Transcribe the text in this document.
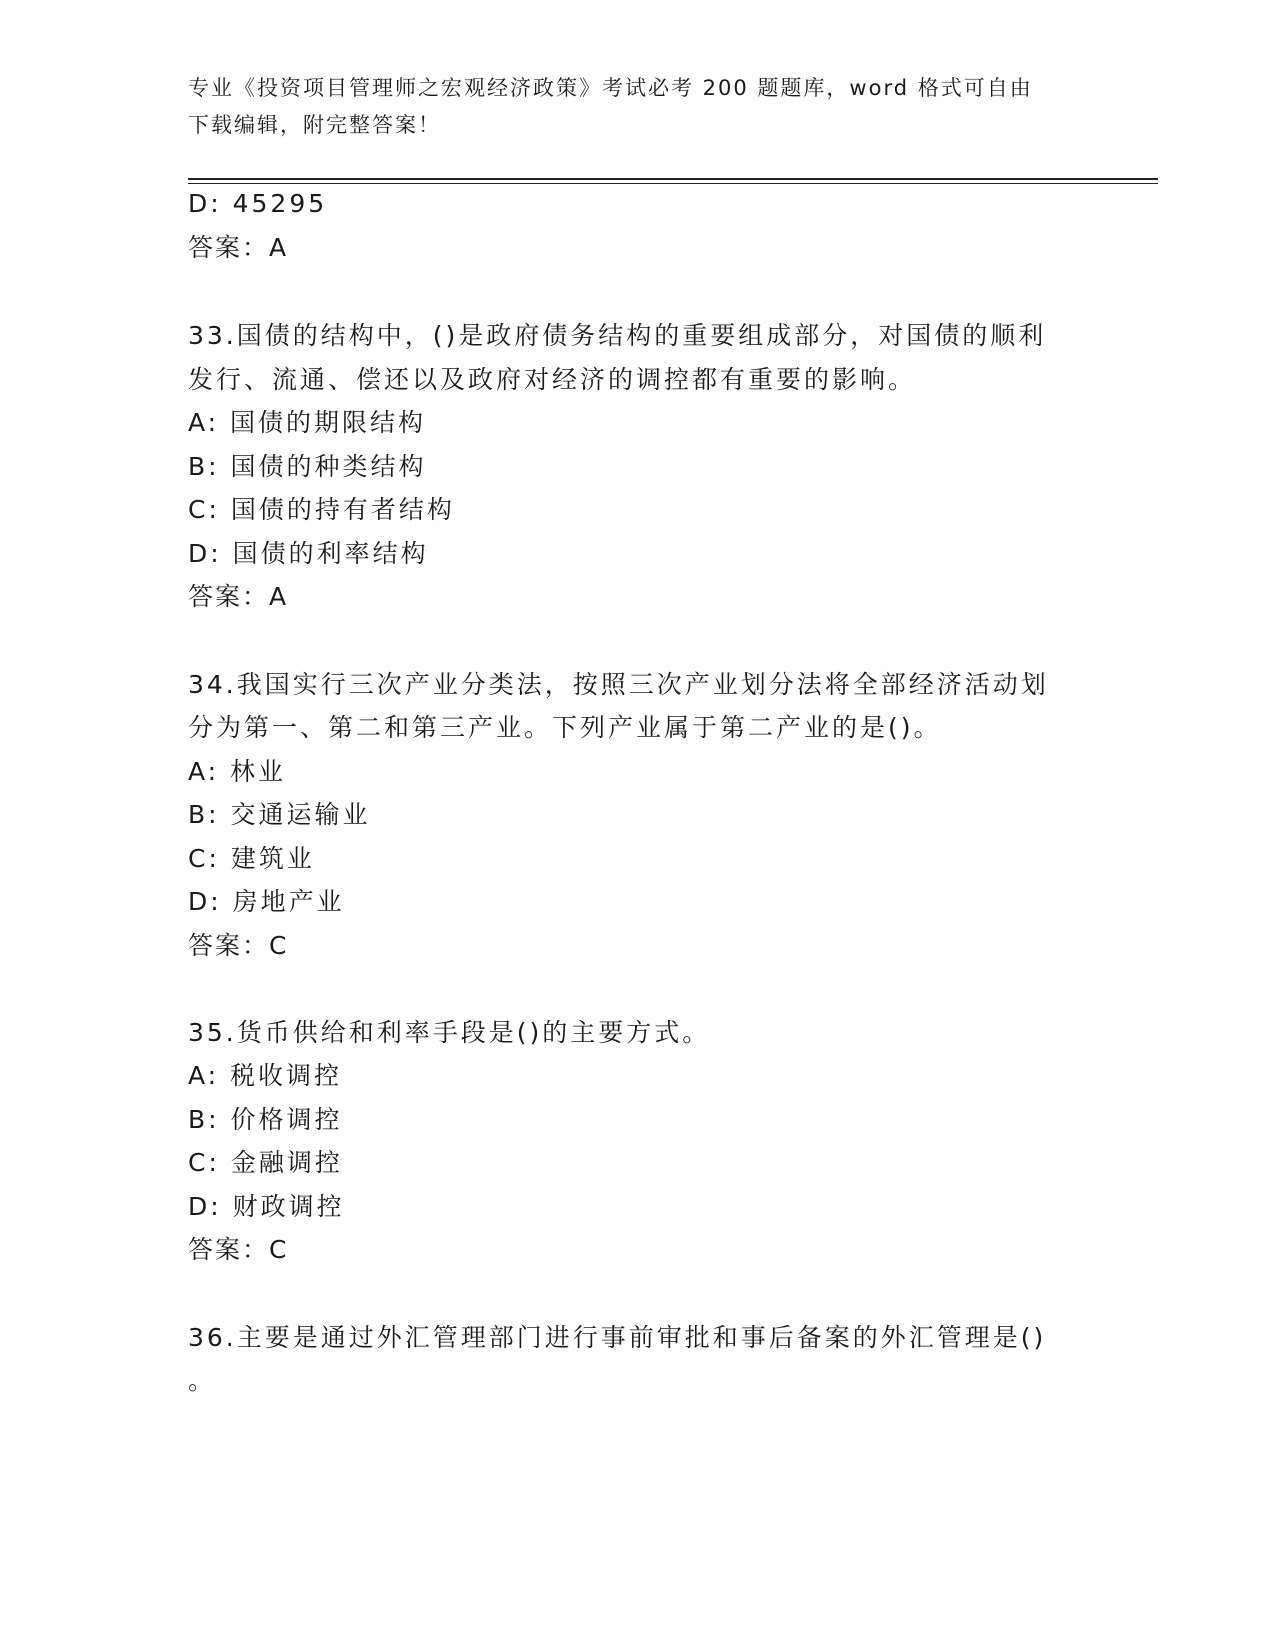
专业《投资项目管理师之宏观经济政策》考试必考 200 题题库，word 格式可自由
下载编辑，附完整答案！
D: 45295
答案：A
33.国债的结构中，()是政府债务结构的重要组成部分，对国债的顺利
发行、流通、偿还以及政府对经济的调控都有重要的影响。
A: 国债的期限结构
B: 国债的种类结构
C: 国债的持有者结构
D: 国债的利率结构
答案：A
34.我国实行三次产业分类法，按照三次产业划分法将全部经济活动划
分为第一、第二和第三产业。下列产业属于第二产业的是()。
A: 林业
B: 交通运输业
C: 建筑业
D: 房地产业
答案：C
35.货币供给和利率手段是()的主要方式。
A: 税收调控
B: 价格调控
C: 金融调控
D: 财政调控
答案：C
36.主要是通过外汇管理部门进行事前审批和事后备案的外汇管理是()
。
